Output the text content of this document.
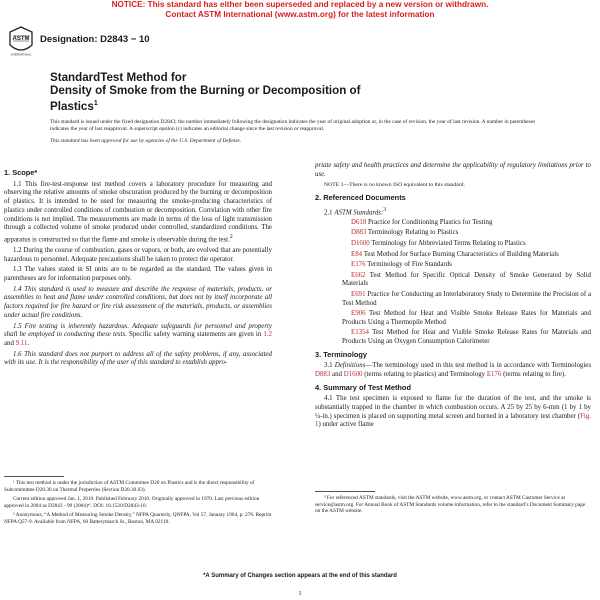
NOTICE: This standard has either been superseded and replaced by a new version or withdrawn.
Contact ASTM International (www.astm.org) for the latest information
ASTM
INTERNATIONAL
Designation: D2843 − 10
StandardTest Method for
Density of Smoke from the Burning or Decomposition of
Plastics$^1$

This standard is issued under the fixed designation D2843; the number immediately following the designation indicates the year of original adoption or, in the case of revision, the year of last revision. A number in parentheses indicates the year of last reapproval. A superscript epsilon (ε) indicates an editorial change since the last revision or reapproval.

This standard has been approved for use by agencies of the U.S. Department of Defense.

1. Scope*

1.1 This fire-test-response test method covers a laboratory procedure for measuring and observing the relative amounts of smoke obscuration produced by the burning or decomposition of plastics. It is intended to be used for measuring the smoke-producing characteristics of plastics under controlled conditions of combustion or decomposition. Correlation with other fire conditions is not implied. The measurements are made in terms of the loss of light transmission through a collected volume of smoke produced under controlled, standardized conditions. The apparatus is constructed so that the flame and smoke is observable during the test.$^2$

1.2 During the course of combustion, gases or vapors, or both, are evolved that are potentially hazardous to personnel. Adequate precautions shall be taken to protect the operator.

1.3 The values stated in SI units are to be regarded as the standard. The values given in parentheses are for information purposes only.

1.4 This standard is used to measure and describe the response of materials, products, or assemblies to heat and flame under controlled conditions, but does not by itself incorporate all factors required for fire hazard or fire risk assessment of the materials, products, or assemblies under actual fire conditions.

1.5 Fire testing is inherently hazardous. Adequate safeguards for personnel and property shall be employed in conducting these tests. Specific safety warning statements are given in 1.2 and 9.11.

1.6 This standard does not purport to address all of the safety problems, if any, associated with its use. It is the responsibility of the user of this standard to establish appro-

priate safety and health practices and determine the applicability of regulatory limitations prior to use.

NOTE 1—There is no known ISO equivalent to this standard.

2. Referenced Documents

2.1 ASTM Standards:$^3$

D618 Practice for Conditioning Plastics for Testing

D883 Terminology Relating to Plastics

D1600 Terminology for Abbreviated Terms Relating to Plastics

E84 Test Method for Surface Burning Characteristics of Building Materials

E176 Terminology of Fire Standards

E662 Test Method for Specific Optical Density of Smoke Generated by Solid Materials

E691 Practice for Conducting an Interlaboratory Study to Determine the Precision of a Test Method

E906 Test Method for Heat and Visible Smoke Release Rates for Materials and Products Using a Thermopile Method

E1354 Test Method for Heat and Visible Smoke Release Rates for Materials and Products Using an Oxygen Consumption Calorimeter

3. Terminology

3.1 Definitions—The terminology used in this test method is in accordance with Terminologies D883 and D1600 (terms relating to plastics) and Terminology E176 (terms relating to fire).

4. Summary of Test Method

4.1 The test specimen is exposed to flame for the duration of the test, and the smoke is substantially trapped in the chamber in which combustion occurs. A 25 by 25 by 6-mm (1 by 1 by ¼-in.) specimen is placed on supporting metal screen and burned in a laboratory test chamber (Fig. 1) under active flame

¹ This test method is under the jurisdiction of ASTM Committee D20 on Plastics and is the direct responsibility of Subcommittee D20.30 on Thermal Properties (Section D20.30.03).

Current edition approved Jan. 1, 2010. Published February 2010. Originally approved in 1970. Last previous edition approved in 2004 as D2843 - 99 (2004)ᵉ¹. DOI: 10.1520/D2843-10.

² Anonymous, “A Method of Measuring Smoke Density,” NFPA Quarterly, QNFPA, Vol 57, January 1964, p. 276. Reprint NFPA Q57-9. Available from NFPA, 60 Batterymarch St., Boston, MA 02110.

³ For referenced ASTM standards, visit the ASTM website, www.astm.org, or contact ASTM Customer Service at service@astm.org. For Annual Book of ASTM Standards volume information, refer to the standard’s Document Summary page on the ASTM website.

*A Summary of Changes section appears at the end of this standard
1
